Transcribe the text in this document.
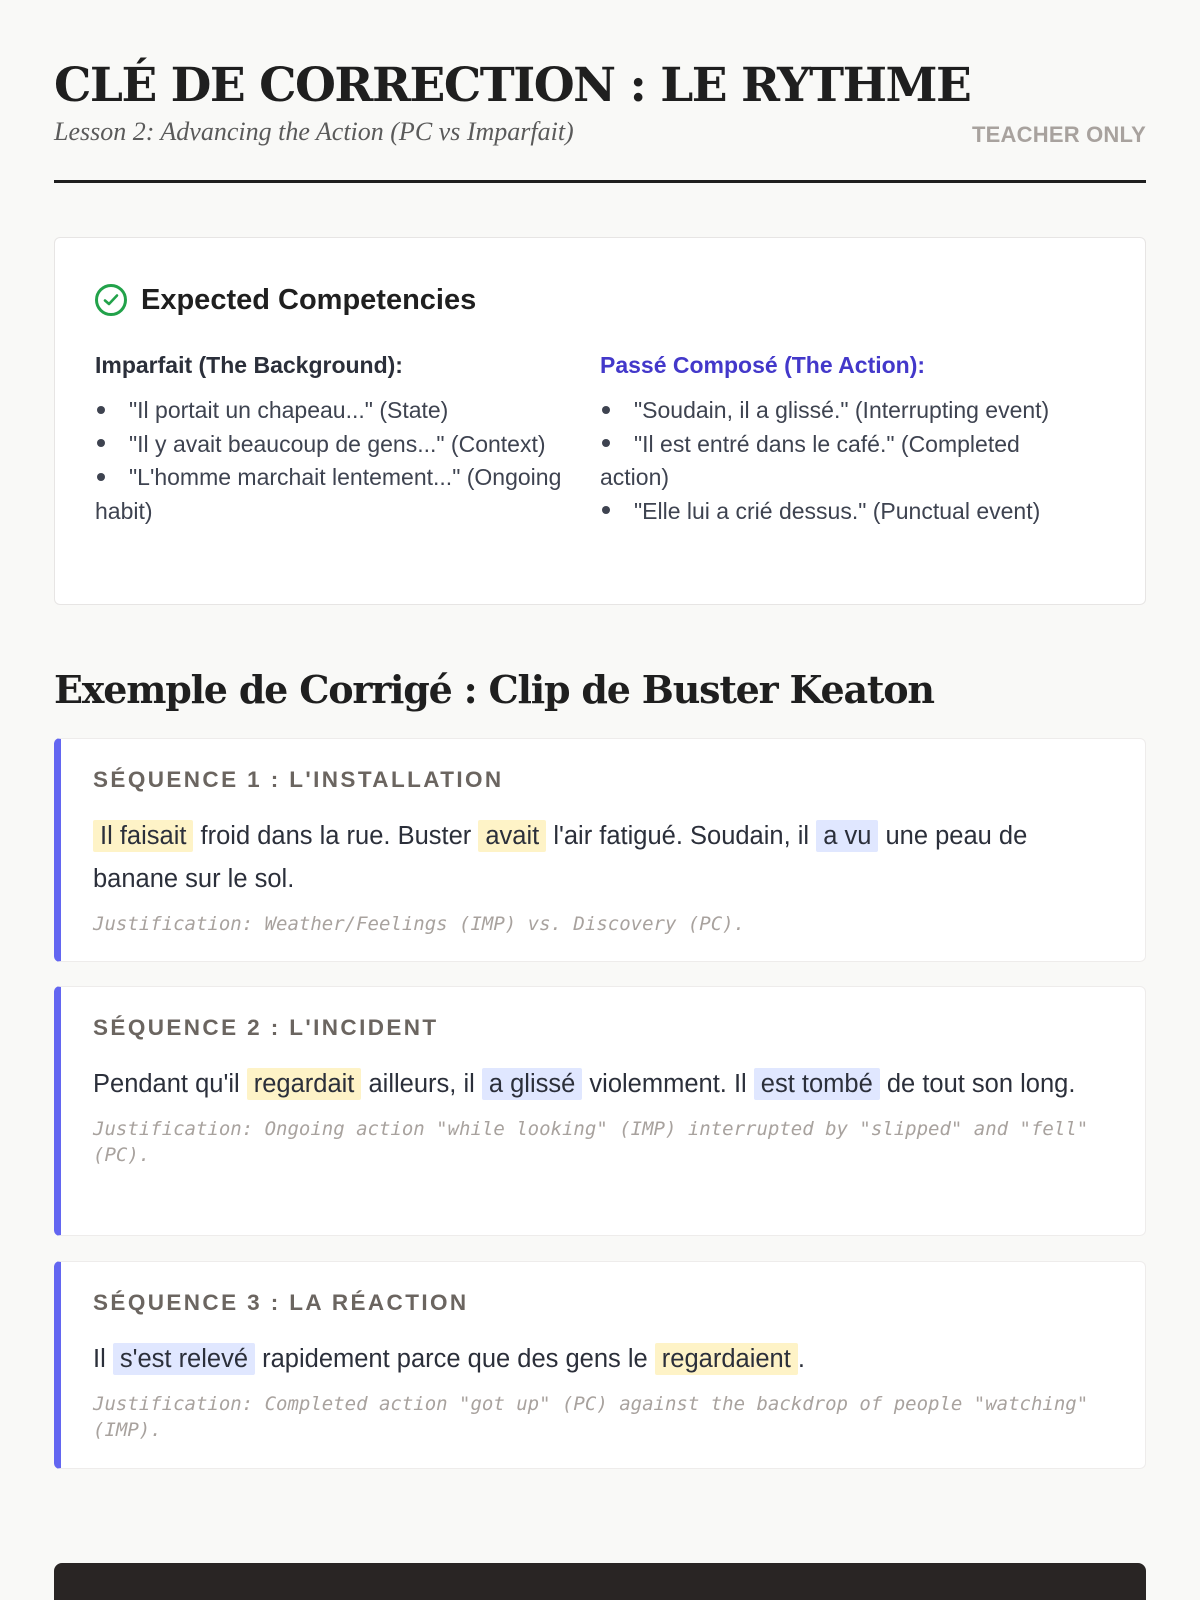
CLÉ DE CORRECTION : LE RYTHME
Lesson 2: Advancing the Action (PC vs Imparfait)	TEACHER ONLY
Expected Competencies
Imparfait (The Background):
"Il portait un chapeau..." (State)
"Il y avait beaucoup de gens..." (Context)
"L'homme marchait lentement..." (Ongoing habit)
Passé Composé (The Action):
"Soudain, il a glissé." (Interrupting event)
"Il est entré dans le café." (Completed action)
"Elle lui a crié dessus." (Punctual event)
Exemple de Corrigé : Clip de Buster Keaton
SÉQUENCE 1 : L'INSTALLATION
Il faisait froid dans la rue. Buster avait l'air fatigué. Soudain, il a vu une peau de banane sur le sol.
Justification: Weather/Feelings (IMP) vs. Discovery (PC).
SÉQUENCE 2 : L'INCIDENT
Pendant qu'il regardait ailleurs, il a glissé violemment. Il est tombé de tout son long.
Justification: Ongoing action "while looking" (IMP) interrupted by "slipped" and "fell" (PC).
SÉQUENCE 3 : LA RÉACTION
Il s'est relevé rapidement parce que des gens le regardaient .
Justification: Completed action "got up" (PC) against the backdrop of people "watching" (IMP).
